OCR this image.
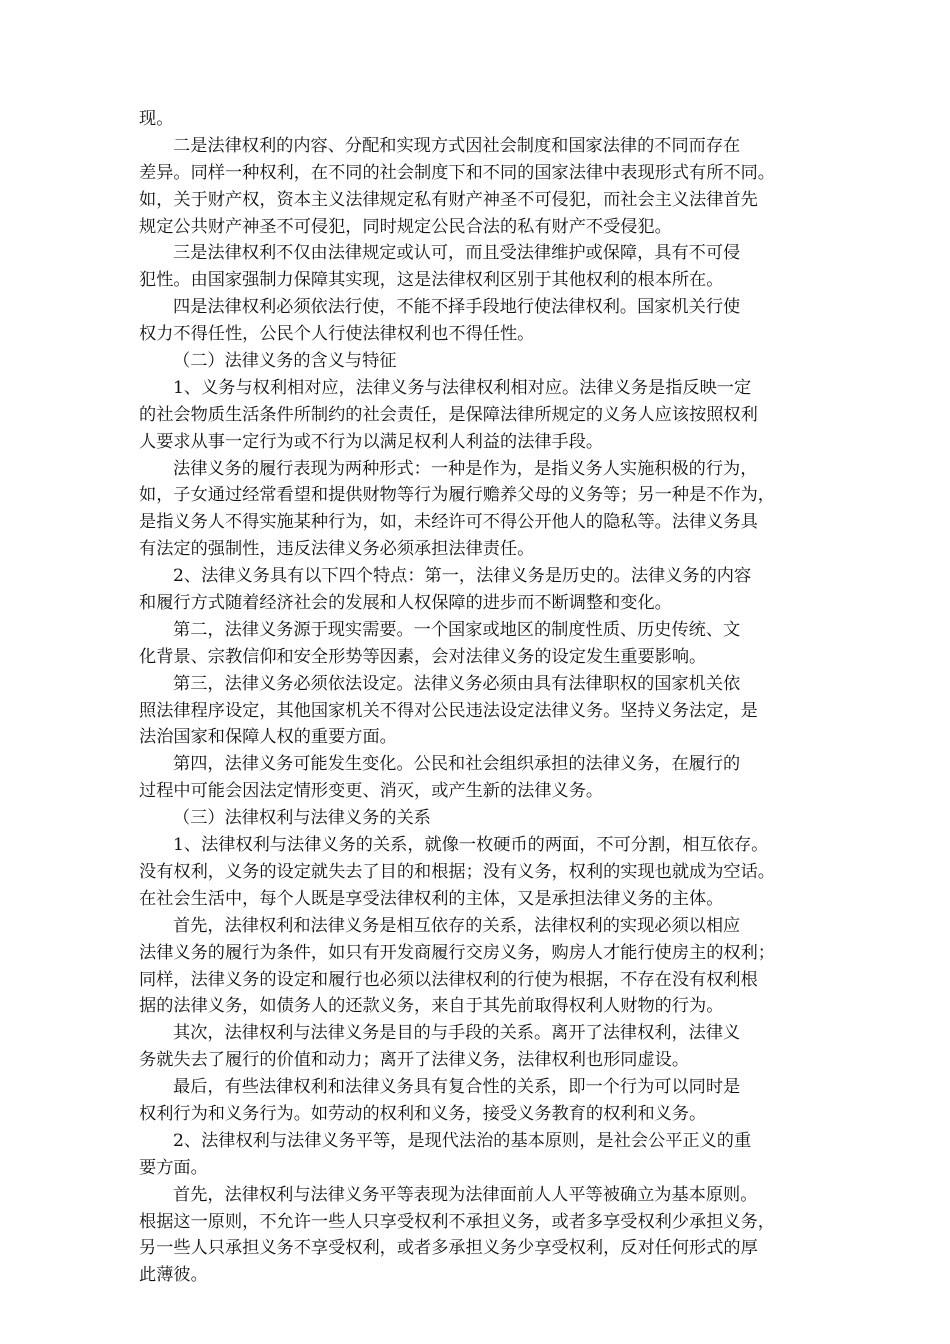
现。
二是法律权利的内容、分配和实现方式因社会制度和国家法律的不同而存在
差异。同样一种权利，在不同的社会制度下和不同的国家法律中表现形式有所不同。
如，关于财产权，资本主义法律规定私有财产神圣不可侵犯，而社会主义法律首先
规定公共财产神圣不可侵犯，同时规定公民合法的私有财产不受侵犯。
三是法律权利不仅由法律规定或认可，而且受法律维护或保障，具有不可侵
犯性。由国家强制力保障其实现，这是法律权利区别于其他权利的根本所在。
四是法律权利必须依法行使，不能不择手段地行使法律权利。国家机关行使
权力不得任性，公民个人行使法律权利也不得任性。
（二）法律义务的含义与特征
1、义务与权利相对应，法律义务与法律权利相对应。法律义务是指反映一定
的社会物质生活条件所制约的社会责任，是保障法律所规定的义务人应该按照权利
人要求从事一定行为或不行为以满足权利人利益的法律手段。
法律义务的履行表现为两种形式：一种是作为，是指义务人实施积极的行为，
如，子女通过经常看望和提供财物等行为履行赡养父母的义务等；另一种是不作为，
是指义务人不得实施某种行为，如，未经许可不得公开他人的隐私等。法律义务具
有法定的强制性，违反法律义务必须承担法律责任。
2、法律义务具有以下四个特点：第一，法律义务是历史的。法律义务的内容
和履行方式随着经济社会的发展和人权保障的进步而不断调整和变化。
第二，法律义务源于现实需要。一个国家或地区的制度性质、历史传统、文
化背景、宗教信仰和安全形势等因素，会对法律义务的设定发生重要影响。
第三，法律义务必须依法设定。法律义务必须由具有法律职权的国家机关依
照法律程序设定，其他国家机关不得对公民违法设定法律义务。坚持义务法定，是
法治国家和保障人权的重要方面。
第四，法律义务可能发生变化。公民和社会组织承担的法律义务，在履行的
过程中可能会因法定情形变更、消灭，或产生新的法律义务。
（三）法律权利与法律义务的关系
1、法律权利与法律义务的关系，就像一枚硬币的两面，不可分割，相互依存。
没有权利，义务的设定就失去了目的和根据；没有义务，权利的实现也就成为空话。
在社会生活中，每个人既是享受法律权利的主体，又是承担法律义务的主体。
首先，法律权利和法律义务是相互依存的关系，法律权利的实现必须以相应
法律义务的履行为条件，如只有开发商履行交房义务，购房人才能行使房主的权利；
同样，法律义务的设定和履行也必须以法律权利的行使为根据，不存在没有权利根
据的法律义务，如债务人的还款义务，来自于其先前取得权利人财物的行为。
其次，法律权利与法律义务是目的与手段的关系。离开了法律权利，法律义
务就失去了履行的价值和动力；离开了法律义务，法律权利也形同虚设。
最后，有些法律权利和法律义务具有复合性的关系，即一个行为可以同时是
权利行为和义务行为。如劳动的权利和义务，接受义务教育的权利和义务。
2、法律权利与法律义务平等，是现代法治的基本原则，是社会公平正义的重
要方面。
首先，法律权利与法律义务平等表现为法律面前人人平等被确立为基本原则。
根据这一原则，不允许一些人只享受权利不承担义务，或者多享受权利少承担义务，
另一些人只承担义务不享受权利，或者多承担义务少享受权利，反对任何形式的厚
此薄彼。
